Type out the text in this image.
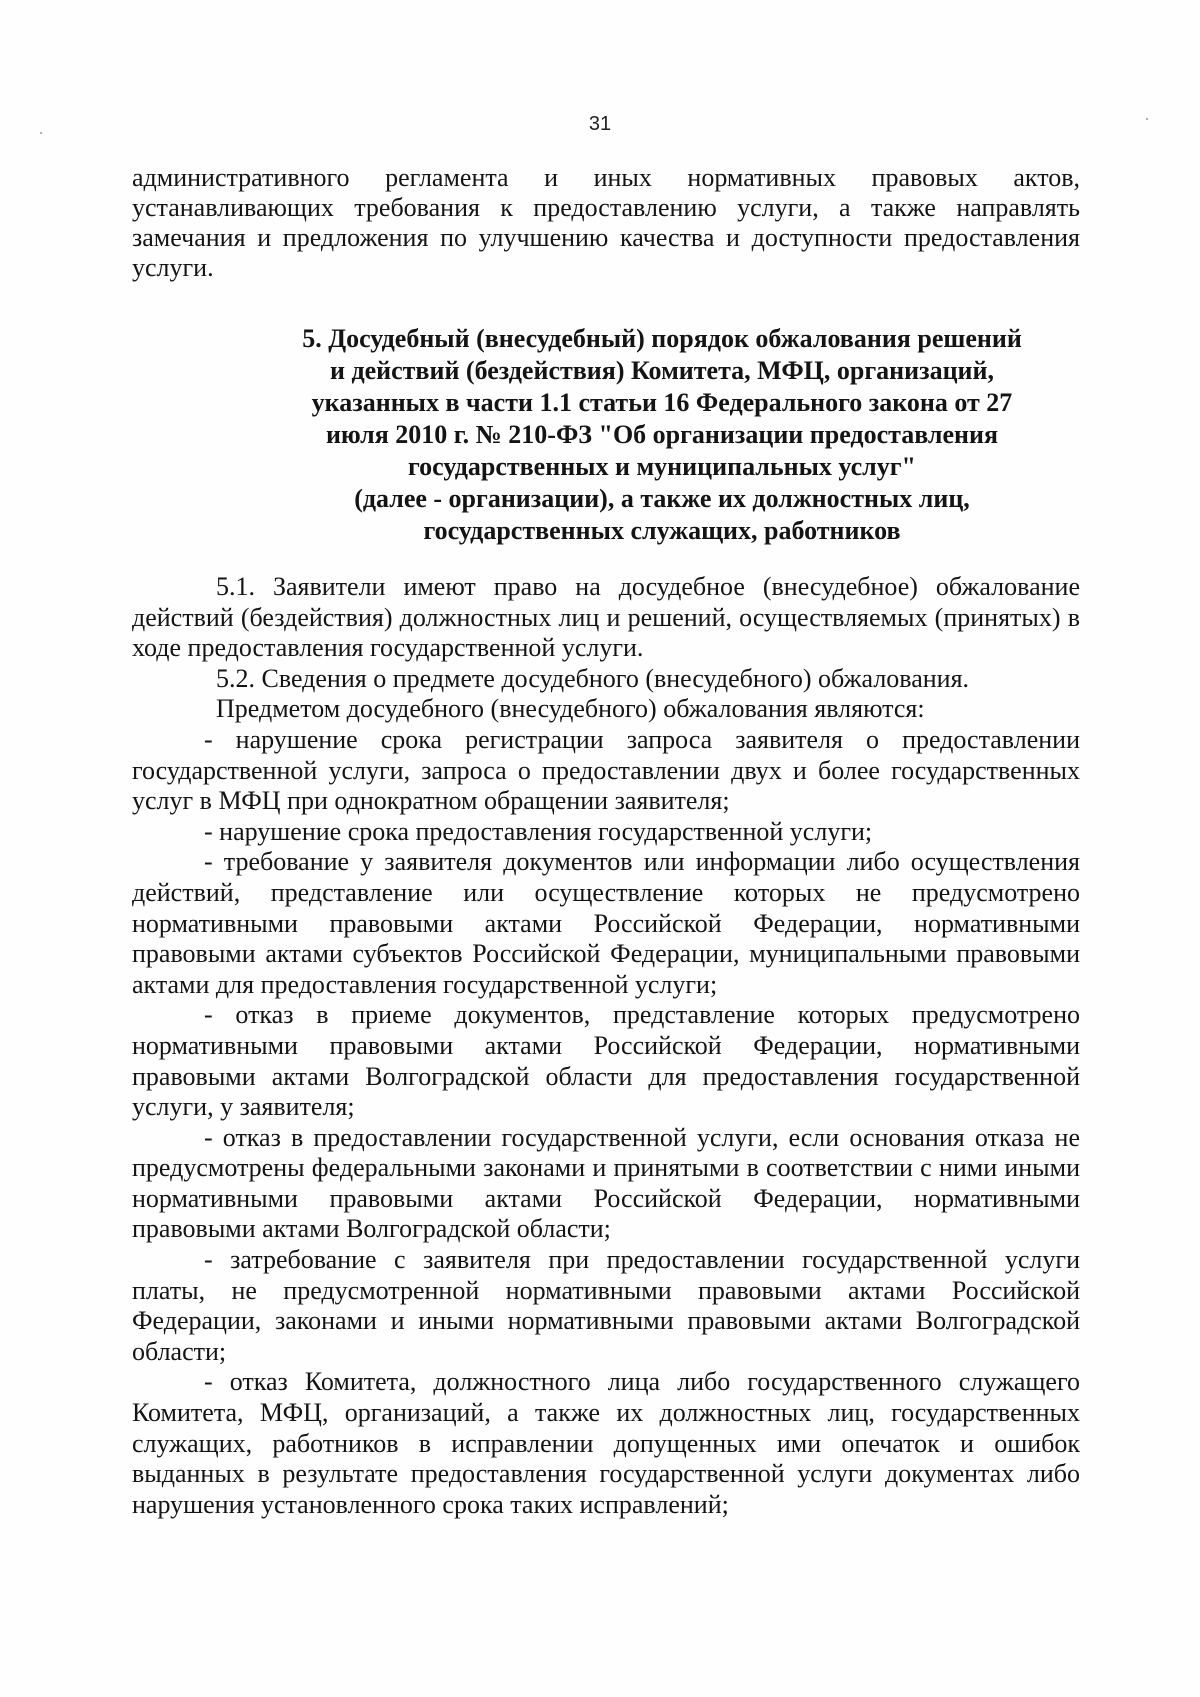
31
административного регламента и иных нормативных правовых актов, устанавливающих требования к предоставлению услуги, а также направлять замечания и предложения по улучшению качества и доступности предоставления услуги.
5. Досудебный (внесудебный) порядок обжалования решений
и действий (бездействия) Комитета, МФЦ, организаций,
указанных в части 1.1 статьи 16 Федерального закона от 27
июля 2010 г. № 210-ФЗ "Об организации предоставления
государственных и муниципальных услуг"
(далее - организации), а также их должностных лиц,
государственных служащих, работников

5.1. Заявители имеют право на досудебное (внесудебное) обжалование действий (бездействия) должностных лиц и решений, осуществляемых (принятых) в ходе предоставления государственной услуги.

5.2. Сведения о предмете досудебного (внесудебного) обжалования.

Предметом досудебного (внесудебного) обжалования являются:

- нарушение срока регистрации запроса заявителя о предоставлении государственной услуги, запроса о предоставлении двух и более государственных услуг в МФЦ при однократном обращении заявителя;

- нарушение срока предоставления государственной услуги;

- требование у заявителя документов или информации либо осуществления действий, представление или осуществление которых не предусмотрено нормативными правовыми актами Российской Федерации, нормативными правовыми актами субъектов Российской Федерации, муниципальными правовыми актами для предоставления государственной услуги;

- отказ в приеме документов, представление которых предусмотрено нормативными правовыми актами Российской Федерации, нормативными правовыми актами Волгоградской области для предоставления государственной услуги, у заявителя;

- отказ в предоставлении государственной услуги, если основания отказа не предусмотрены федеральными законами и принятыми в соответствии с ними иными нормативными правовыми актами Российской Федерации, нормативными правовыми актами Волгоградской области;

- затребование с заявителя при предоставлении государственной услуги платы, не предусмотренной нормативными правовыми актами Российской Федерации, законами и иными нормативными правовыми актами Волгоградской области;

- отказ Комитета, должностного лица либо государственного служащего Комитета, МФЦ, организаций, а также их должностных лиц, государственных служащих, работников в исправлении допущенных ими опечаток и ошибок выданных в результате предоставления государственной услуги документах либо нарушения установленного срока таких исправлений;
